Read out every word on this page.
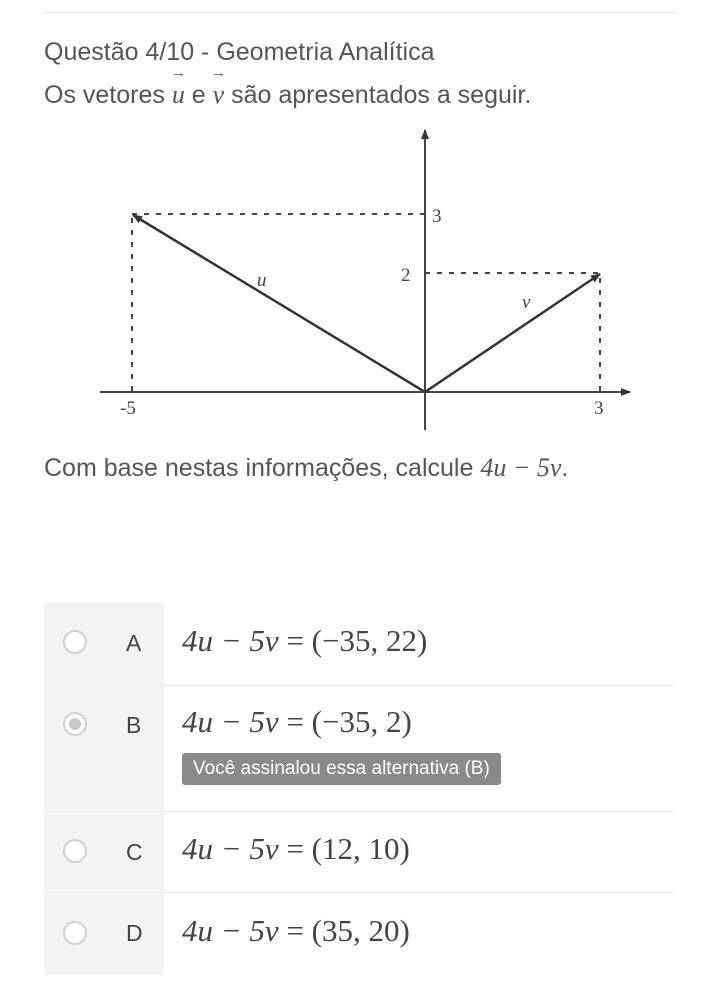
Questão 4/10 - Geometria Analítica
Os vetores → u e → v são apresentados a seguir.
u
v
-5	3
3
2
Com base nestas informações, calcule 4u − 5v.
A 4u − 5v = (−35, 22)
B 4u − 5v = (−35, 2)
Você assinalou essa alternativa (B)
C 4u − 5v = (12, 10)
D 4u − 5v = (35, 20)
